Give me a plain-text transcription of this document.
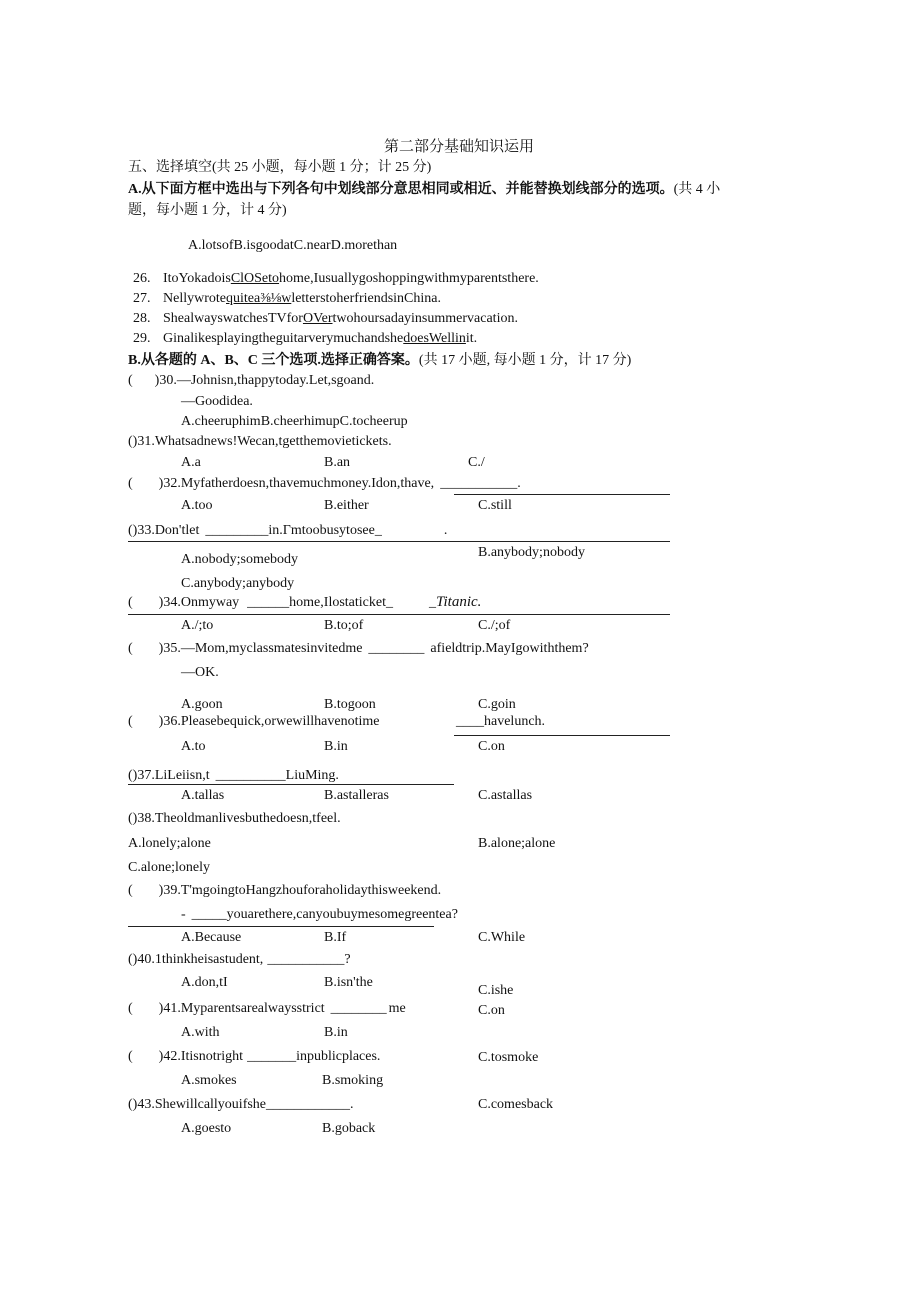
第二部分基础知识运用
五、选择填空(共 25 小题，每小题 1 分；计 25 分)
A.从下面方框中选出与下列各句中划线部分意思相同或相近、并能替换划线部分的选项。(共 4 小
题，每小题 1 分，计 4 分)
A.lotsofB.isgoodatC.nearD.morethan
26. ItoYokadoisClOSetohome,Iusuallygoshoppingwithmyparentsthere.
27. Nellywrotequitea⅜⅛wletterstoherfriendsinChina.
28. ShealwayswatchesTVforOVertwohoursadayinsummervacation.
29. GinalikesplayingtheguitarverymuchandshedoesWellinit.
B.从各题的 A、B、C 三个选项.选择正确答案。(共 17 小题, 每小题 1 分，计 17 分)
( )30.—Johnisn,thappytoday.Let,sgoand.
—Goodidea.
A.cheeruphimB.cheerhimupC.tocheerup
()31.Whatsadnews!Wecan,tgetthemovietickets.
A.a	B.an	C./
( )32.Myfatherdoesn,thavemuchmoney.Idon,thave, ___________.
A.too	B.either	C.still
()33.Don'tlet _________in.Γmtoobusytosee_	.
B.anybody;nobody
A.nobody;somebody
C.anybody;anybody
( )34.Onmyway ______home,Ilostaticket_	_Titanic.
A./;to	B.to;of	C./;of
( )35.—Mom,myclassmatesinvitedme ________ afieldtrip.MayIgowiththem?
—OK.
A.goon	B.togoon	C.goin
( )36.Pleasebequick,orwewillhavenotime	____havelunch.
A.to	B.in	C.on
()37.LiLeiisn,t __________LiuMing.
A.tallas	B.astalleras	C.astallas
()38.Theoldmanlivesbuthedoesn,tfeel.
A.lonely;alone	B.alone;alone
C.alone;lonely
( )39.T'mgoingtoHangzhouforaholidaythisweekend.
- _____youarethere,canyoubuymesomegreentea?
A.Because	B.If	C.While
()40.1thinkheisastudent, ___________?
A.don,tI	B.isn'the
C.ishe
( )41.Myparentsarealwaysstrict ________ me	C.on
A.with	B.in
( )42.Itisnotright _______inpublicplaces.	C.tosmoke
A.smokes	B.smoking
()43.Shewillcallyouifshe____________.	C.comesback
A.goesto	B.goback
